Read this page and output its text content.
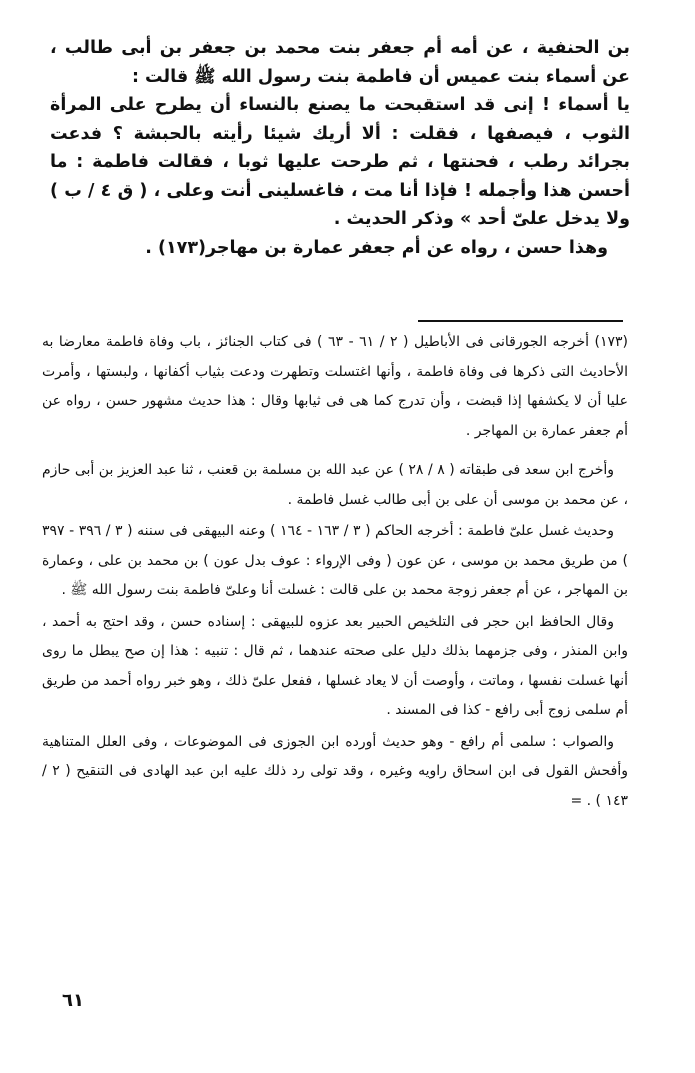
بن الحنفية ، عن أمه أم جعفر بنت محمد بن جعفر بن أبى طالب ، عن أسماء بنت عميس أن فاطمة بنت رسول الله ﷺ قالت :

يا أسماء ! إنى قد استقبحت ما يصنع بالنساء أن يطرح على المرأة الثوب ، فيصفها ، فقلت : ألا أريك شيئا رأيته بالحبشة ؟ فدعت بجرائد رطب ، فحنتها ، ثم طرحت عليها ثوبا ، فقالت فاطمة : ما أحسن هذا وأجمله ! فإذا أنا مت ، فاغسلينى أنت وعلى ، ( ق ٤ / ب ) ولا يدخل علىّ أحد » وذكر الحديث .

وهذا حسن ، رواه عن أم جعفر عمارة بن مهاجر(١٧٣) .

(١٧٣) أخرجه الجورقانى فى الأباطيل ( ٢ / ٦١ - ٦٣ ) فى كتاب الجنائز ، باب وفاة فاطمة معارضا به الأحاديث التى ذكرها فى وفاة فاطمة ، وأنها اغتسلت وتطهرت ودعت بثياب أكفانها ، ولبستها ، وأمرت عليا أن لا يكشفها إذا قبضت ، وأن تدرج كما هى فى ثيابها وقال : هذا حديث مشهور حسن ، رواه عن أم جعفر عمارة بن المهاجر .

وأخرج ابن سعد فى طبقاته ( ٨ / ٢٨ ) عن عبد الله بن مسلمة بن قعنب ، ثنا عبد العزيز بن أبى حازم ، عن محمد بن موسى أن على بن أبى طالب غسل فاطمة .

وحديث غسل علىّ فاطمة : أخرجه الحاكم ( ٣ / ١٦٣ - ١٦٤ ) وعنه البيهقى فى سننه ( ٣ / ٣٩٦ - ٣٩٧ ) من طريق محمد بن موسى ، عن عون ( وفى الإرواء : عوف بدل عون ) بن محمد بن على ، وعمارة بن المهاجر ، عن أم جعفر زوجة محمد بن على قالت : غسلت أنا وعلىّ فاطمة بنت رسول الله ﷺ .

وقال الحافظ ابن حجر فى التلخيص الحبير بعد عزوه للبيهقى : إسناده حسن ، وقد احتج به أحمد ، وابن المنذر ، وفى جزمهما بذلك دليل على صحته عندهما ، ثم قال : تنبيه : هذا إن صح يبطل ما روى أنها غسلت نفسها ، وماتت ، وأوصت أن لا يعاد غسلها ، ففعل علىّ ذلك ، وهو خبر رواه أحمد من طريق أم سلمى زوج أبى رافع - كذا فى المسند .

والصواب : سلمى أم رافع - وهو حديث أورده ابن الجوزى فى الموضوعات ، وفى العلل المتناهية وأفحش القول فى ابن اسحاق راويه وغيره ، وقد تولى رد ذلك عليه ابن عبد الهادى فى التنقيح ( ٢ / ١٤٣ ) . =

٦١
